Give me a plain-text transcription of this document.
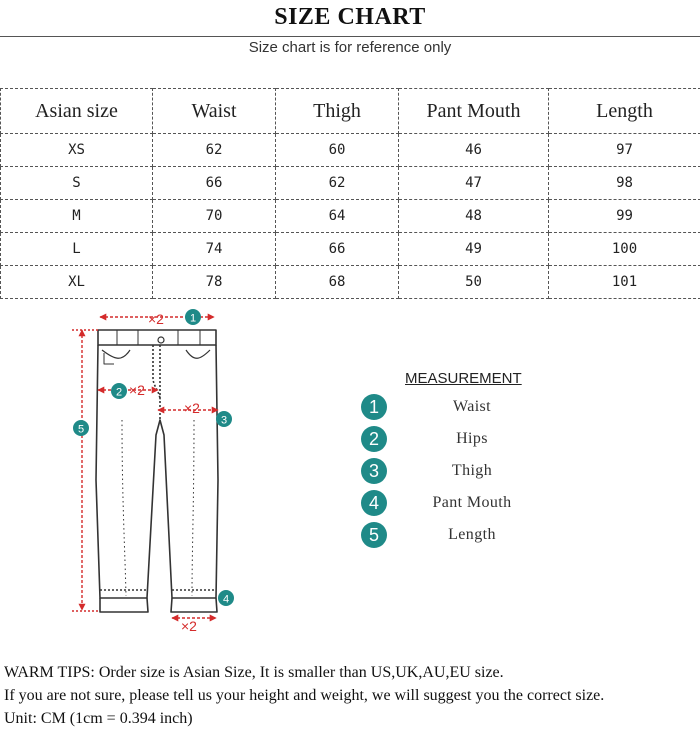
SIZE CHART
Size chart is for reference only
Asian size	Waist	Thigh	Pant Mouth	Length
XS	62	60	46	97
S	66	62	47	98
M	70	64	48	99
L	74	66	49	100
XL	78	68	50	101
×2
×2
×2
×2
1
2
3
4
5
MEASUREMENT
1	Waist
2	Hips
3	Thigh
4	Pant Mouth
5	Length

WARM TIPS: Order size is Asian Size, It is smaller than US,UK,AU,EU size.

If you are not sure, please tell us your height and weight, we will suggest you the correct size.

Unit: CM (1cm = 0.394 inch)
